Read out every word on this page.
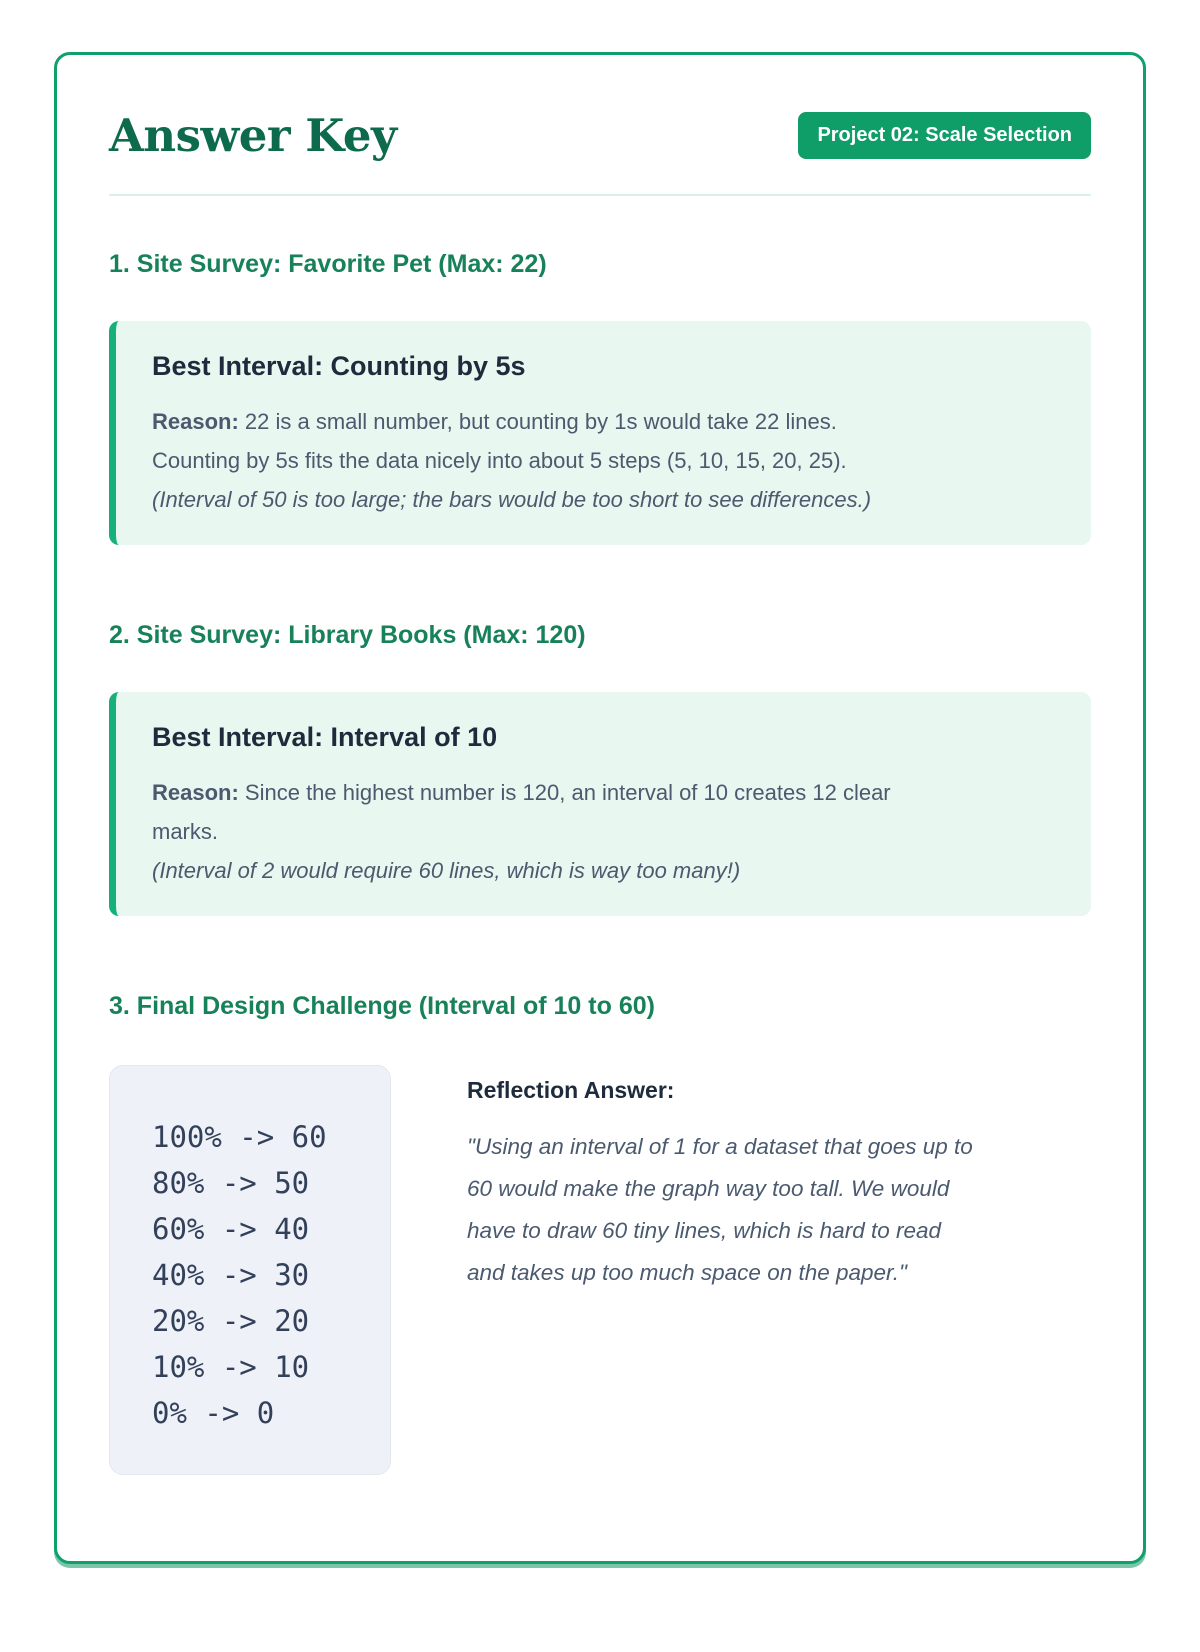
Answer Key	Project 02: Scale Selection
1. Site Survey: Favorite Pet (Max: 22)
Best Interval: Counting by 5s
Reason: 22 is a small number, but counting by 1s would take 22 lines.
Counting by 5s fits the data nicely into about 5 steps (5, 10, 15, 20, 25).
(Interval of 50 is too large; the bars would be too short to see differences.)
2. Site Survey: Library Books (Max: 120)
Best Interval: Interval of 10
Reason: Since the highest number is 120, an interval of 10 creates 12 clear
marks.
(Interval of 2 would require 60 lines, which is way too many!)
3. Final Design Challenge (Interval of 10 to 60)
100% -> 60
80% -> 50
60% -> 40
40% -> 30
20% -> 20
10% -> 10
0% -> 0
Reflection Answer:
"Using an interval of 1 for a dataset that goes up to
60 would make the graph way too tall. We would
have to draw 60 tiny lines, which is hard to read
and takes up too much space on the paper."
